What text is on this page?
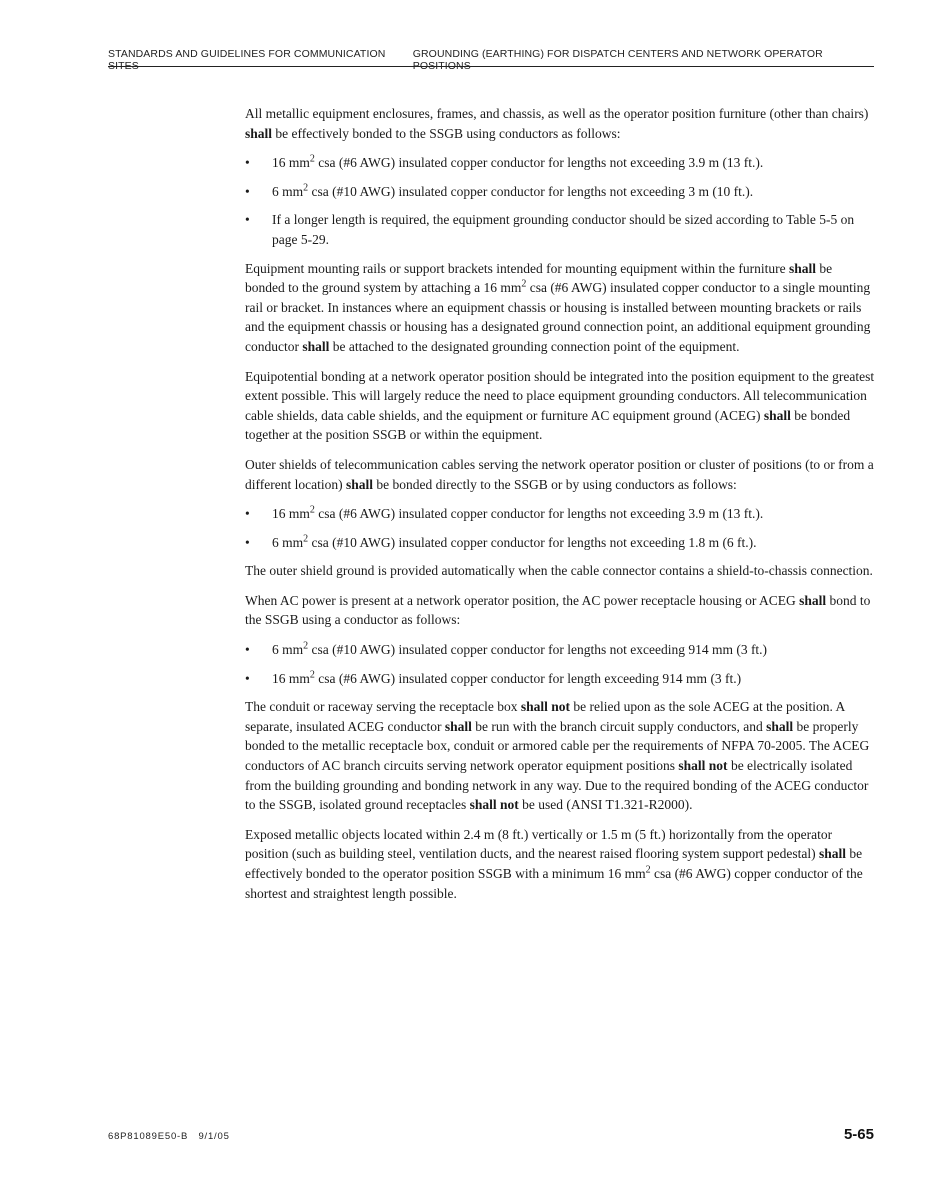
STANDARDS AND GUIDELINES FOR COMMUNICATION SITES
GROUNDING (EARTHING) FOR DISPATCH CENTERS AND NETWORK OPERATOR POSITIONS

All metallic equipment enclosures, frames, and chassis, as well as the operator position furniture (other than chairs) shall be effectively bonded to the SSGB using conductors as follows:

• 16 $mm^2$ csa (#6 AWG) insulated copper conductor for lengths not exceeding 3.9 m (13 ft.).
• 6 $mm^2$ csa (#10 AWG) insulated copper conductor for lengths not exceeding 3 m (10 ft.).
• If a longer length is required, the equipment grounding conductor should be sized according to Table 5-5 on page 5-29.

Equipment mounting rails or support brackets intended for mounting equipment within the furniture shall be bonded to the ground system by attaching a 16 $mm^2$ csa (#6 AWG) insulated copper conductor to a single mounting rail or bracket. In instances where an equipment chassis or housing is installed between mounting brackets or rails and the equipment chassis or housing has a designated ground connection point, an additional equipment grounding conductor shall be attached to the designated grounding connection point of the equipment.

Equipotential bonding at a network operator position should be integrated into the position equipment to the greatest extent possible. This will largely reduce the need to place equipment grounding conductors. All telecommunication cable shields, data cable shields, and the equipment or furniture AC equipment ground (ACEG) shall be bonded together at the position SSGB or within the equipment.

Outer shields of telecommunication cables serving the network operator position or cluster of positions (to or from a different location) shall be bonded directly to the SSGB or by using conductors as follows:

• 16 $mm^2$ csa (#6 AWG) insulated copper conductor for lengths not exceeding 3.9 m (13 ft.).
• 6 $mm^2$ csa (#10 AWG) insulated copper conductor for lengths not exceeding 1.8 m (6 ft.).

The outer shield ground is provided automatically when the cable connector contains a shield-to-chassis connection.

When AC power is present at a network operator position, the AC power receptacle housing or ACEG shall bond to the SSGB using a conductor as follows:

• 6 $mm^2$ csa (#10 AWG) insulated copper conductor for lengths not exceeding 914 mm (3 ft.)
• 16 $mm^2$ csa (#6 AWG) insulated copper conductor for length exceeding 914 mm (3 ft.)

The conduit or raceway serving the receptacle box shall not be relied upon as the sole ACEG at the position. A separate, insulated ACEG conductor shall be run with the branch circuit supply conductors, and shall be properly bonded to the metallic receptacle box, conduit or armored cable per the requirements of NFPA 70-2005. The ACEG conductors of AC branch circuits serving network operator equipment positions shall not be electrically isolated from the building grounding and bonding network in any way. Due to the required bonding of the ACEG conductor to the SSGB, isolated ground receptacles shall not be used (ANSI T1.321-R2000).

Exposed metallic objects located within 2.4 m (8 ft.) vertically or 1.5 m (5 ft.) horizontally from the operator position (such as building steel, ventilation ducts, and the nearest raised flooring system support pedestal) shall be effectively bonded to the operator position SSGB with a minimum 16 $mm^2$ csa (#6 AWG) copper conductor of the shortest and straightest length possible.

68P81089E50-B   9/1/05	5-65
